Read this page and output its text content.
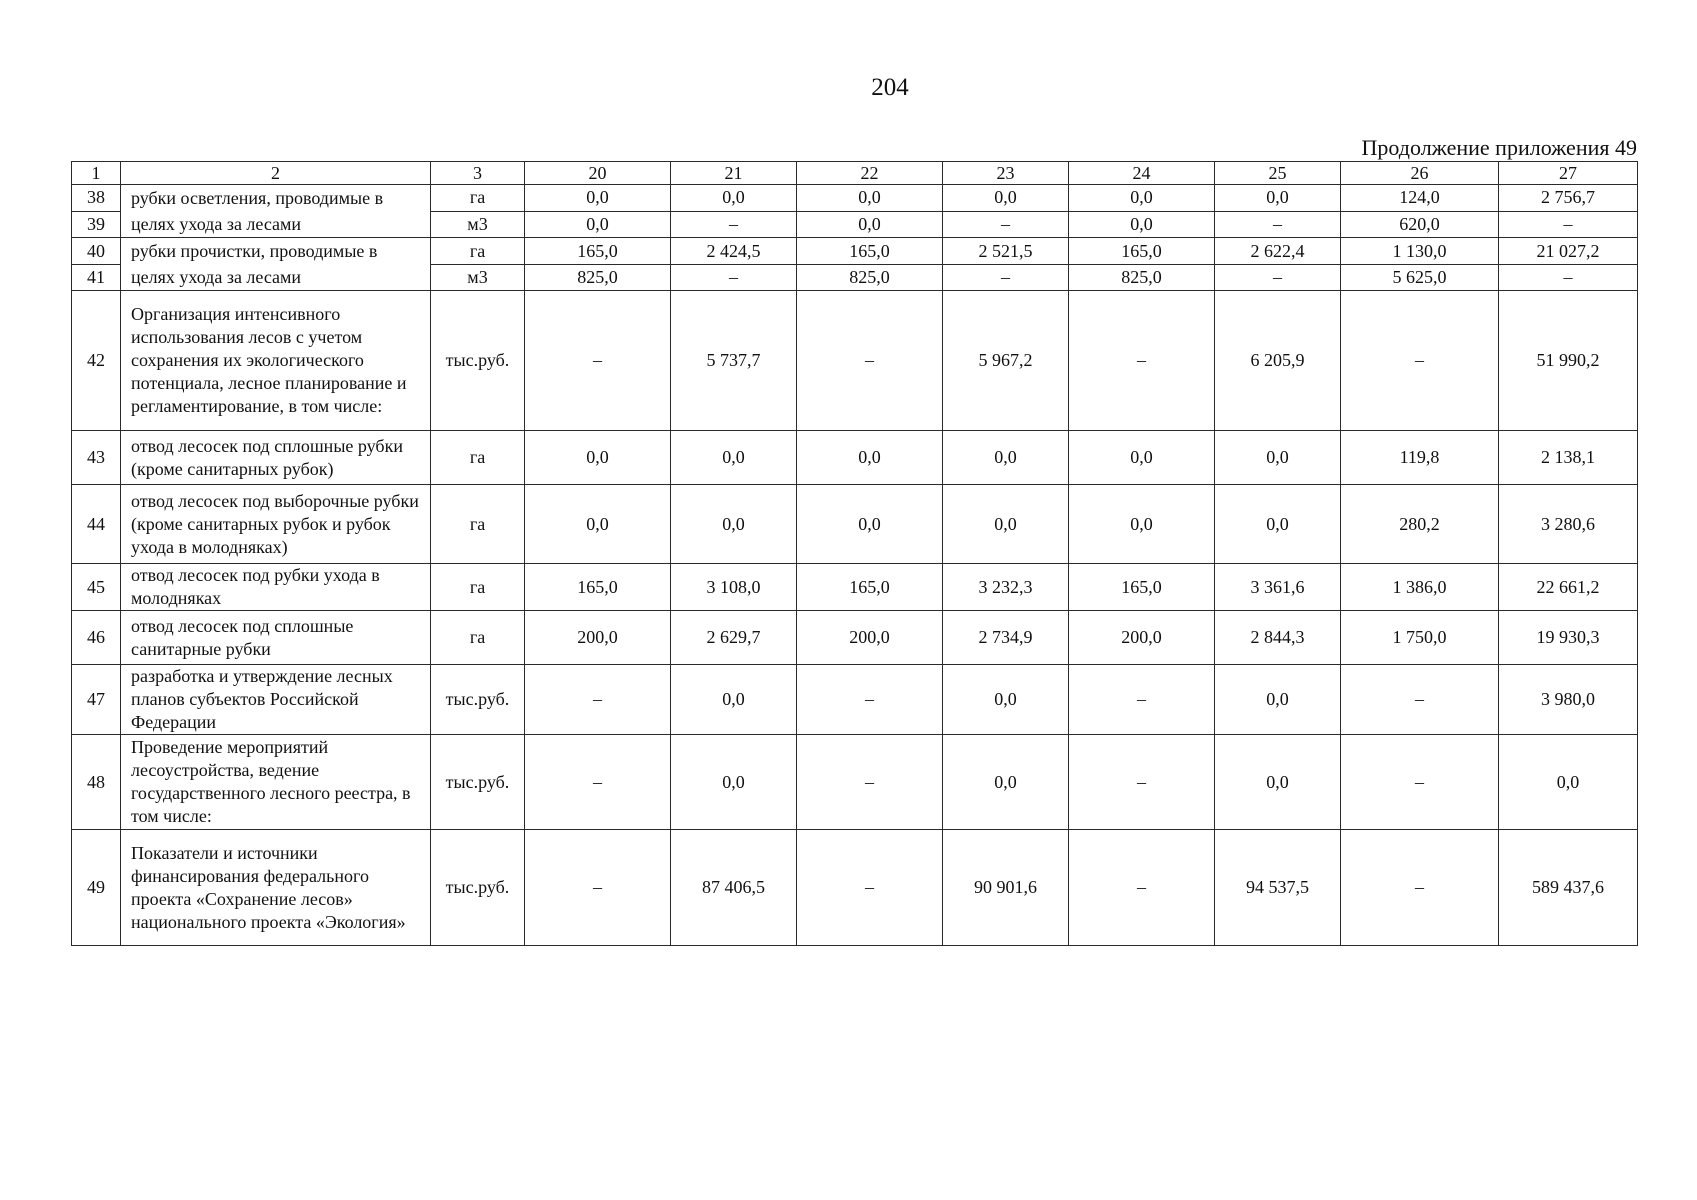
204
Продолжение приложения 49
1	2	3	20	21	22	23	24	25	26	27
38	рубки осветления, проводимые в целях ухода за лесами	га	0,0	0,0	0,0	0,0	0,0	0,0	124,0	2 756,7
39		м3	0,0	–	0,0	–	0,0	–	620,0	–
40	рубки прочистки, проводимые в целях ухода за лесами	га	165,0	2 424,5	165,0	2 521,5	165,0	2 622,4	1 130,0	21 027,2
41		м3	825,0	–	825,0	–	825,0	–	5 625,0	–
42	Организация интенсивного использования лесов с учетом сохранения их экологического потенциала, лесное планирование и регламентирование, в том числе:	тыс.руб.	–	5 737,7	–	5 967,2	–	6 205,9	–	51 990,2
43	отвод лесосек под сплошные рубки (кроме санитарных рубок)	га	0,0	0,0	0,0	0,0	0,0	0,0	119,8	2 138,1
44	отвод лесосек под выборочные рубки (кроме санитарных рубок и рубок ухода в молодняках)	га	0,0	0,0	0,0	0,0	0,0	0,0	280,2	3 280,6
45	отвод лесосек под рубки ухода в молодняках	га	165,0	3 108,0	165,0	3 232,3	165,0	3 361,6	1 386,0	22 661,2
46	отвод лесосек под сплошные санитарные рубки	га	200,0	2 629,7	200,0	2 734,9	200,0	2 844,3	1 750,0	19 930,3
47	разработка и утверждение лесных планов субъектов Российской Федерации	тыс.руб.	–	0,0	–	0,0	–	0,0	–	3 980,0
48	Проведение мероприятий лесоустройства, ведение государственного лесного реестра, в том числе:	тыс.руб.	–	0,0	–	0,0	–	0,0	–	0,0
49	Показатели и источники финансирования федерального проекта «Сохранение лесов» национального проекта «Экология»	тыс.руб.	–	87 406,5	–	90 901,6	–	94 537,5	–	589 437,6
